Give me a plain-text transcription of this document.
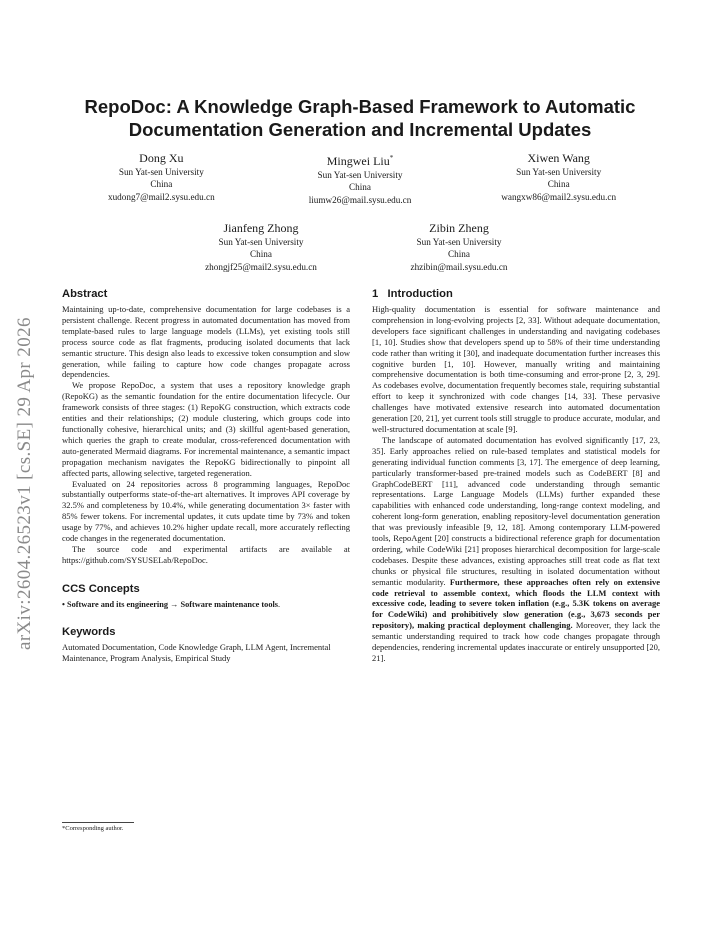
arXiv:2604.26523v1 [cs.SE] 29 Apr 2026
RepoDoc: A Knowledge Graph-Based Framework to Automatic Documentation Generation and Incremental Updates
Dong Xu
Sun Yat-sen University
China
xudong7@mail2.sysu.edu.cn
Mingwei Liu*
Sun Yat-sen University
China
liumw26@mail.sysu.edu.cn
Xiwen Wang
Sun Yat-sen University
China
wangxw86@mail2.sysu.edu.cn
Jianfeng Zhong
Sun Yat-sen University
China
zhongjf25@mail2.sysu.edu.cn
Zibin Zheng
Sun Yat-sen University
China
zhzibin@mail.sysu.edu.cn
Abstract

Maintaining up-to-date, comprehensive documentation for large codebases is a persistent challenge. Recent progress in automated documentation has moved from template-based rules to large language models (LLMs), yet existing tools still process source code as flat fragments, producing isolated documents that lack semantic structure. This design also leads to excessive token consumption and slow generation, while failing to capture how code changes propagate across dependencies.

We propose RepoDoc, a system that uses a repository knowledge graph (RepoKG) as the semantic foundation for the entire documentation lifecycle. Our framework consists of three stages: (1) RepoKG construction, which extracts code entities and their relationships; (2) module clustering, which groups code into functionally cohesive, hierarchical units; and (3) skillful agent-based generation, which queries the graph to create modular, cross-referenced documentation with auto-generated Mermaid diagrams. For incremental maintenance, a semantic impact propagation mechanism navigates the RepoKG bidirectionally to pinpoint all affected parts, allowing selective, targeted regeneration.

Evaluated on 24 repositories across 8 programming languages, RepoDoc substantially outperforms state-of-the-art alternatives. It improves API coverage by 32.5% and completeness by 10.4%, while generating documentation 3× faster with 85% fewer tokens. For incremental updates, it cuts update time by 73% and token usage by 77%, and achieves 10.2% higher update recall, more accurately reflecting code changes in the regenerated documentation.

The source code and experimental artifacts are available at https://github.com/SYSUSELab/RepoDoc.

CCS Concepts
• Software and its engineering → Software maintenance tools.
Keywords

Automated Documentation, Code Knowledge Graph, LLM Agent, Incremental Maintenance, Program Analysis, Empirical Study

*Corresponding author.
1   Introduction

High-quality documentation is essential for software maintenance and comprehension in long-evolving projects [2, 33]. Without adequate documentation, developers face significant challenges in understanding and navigating codebases [1, 10]. Studies show that developers spend up to 58% of their time understanding code rather than writing it [30], and inadequate documentation further increases this cognitive burden [1, 10]. However, manually writing and maintaining comprehensive documentation is both time-consuming and error-prone [2, 3, 29]. As codebases evolve, documentation frequently becomes stale, requiring substantial effort to keep it synchronized with code changes [14, 33]. These pervasive challenges have motivated extensive research into automated documentation generation [20, 21], yet current tools still struggle to produce accurate, modular, and well-structured documentation at scale [9].

The landscape of automated documentation has evolved significantly [17, 23, 35]. Early approaches relied on rule-based templates and statistical models for generating individual function comments [3, 17]. The emergence of deep learning, particularly transformer-based pre-trained models such as CodeBERT [8] and GraphCodeBERT [11], advanced code understanding through semantic representations. Large Language Models (LLMs) further expanded these capabilities with enhanced code understanding, long-range context modeling, and coherent long-form generation, enabling repository-level documentation generation that was previously infeasible [9, 12, 18]. Among contemporary LLM-powered tools, RepoAgent [20] constructs a bidirectional reference graph for documentation ordering, while CodeWiki [21] proposes hierarchical decomposition for large-scale codebases. Despite these advances, existing approaches still treat code as flat text chunks or physical file structures, resulting in isolated documentation without semantic modularity. Furthermore, these approaches often rely on extensive code retrieval to assemble context, which floods the LLM context with excessive code, leading to severe token inflation (e.g., 5.3K tokens on average for CodeWiki) and prohibitively slow generation (e.g., 3,673 seconds per repository), making practical deployment challenging. Moreover, they lack the semantic understanding required to track how code changes propagate through dependencies, rendering incremental updates inaccurate or entirely unsupported [20, 21].
